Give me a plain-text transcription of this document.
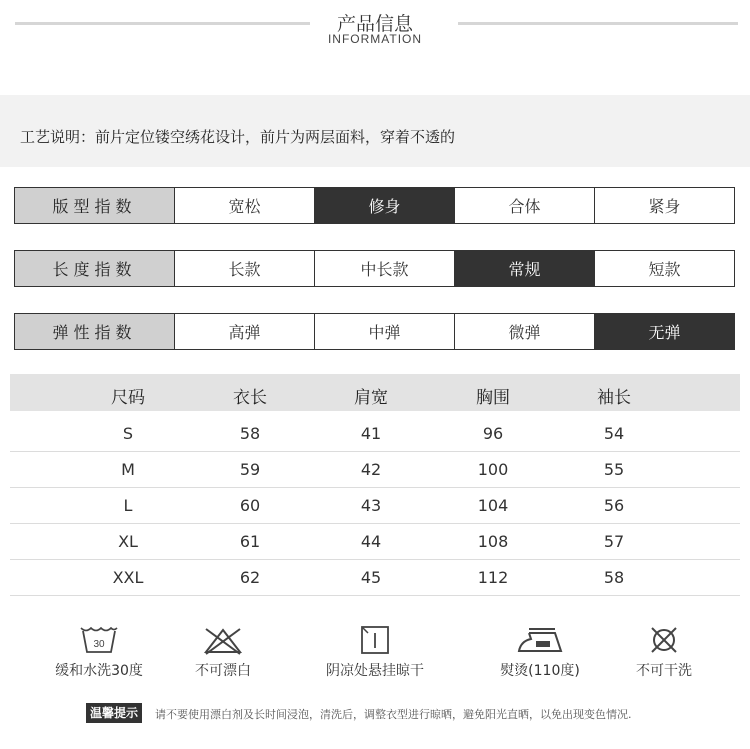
产品信息
INFORMATION
工艺说明：前片定位镂空绣花设计，前片为两层面料，穿着不透的
版型指数	宽松	修身	合体	紧身
长度指数	长款	中长款	常规	短款
弹性指数	高弹	中弹	微弹	无弹
尺码	衣长	肩宽	胸围	袖长
S	58	41	96	54
M	59	42	100	55
L	60	43	104	56
XL	61	44	108	57
XXL	62	45	112	58
30
缓和水洗30度	不可漂白	阴凉处悬挂晾干	熨烫(110度)	不可干洗
温馨提示	请不要使用漂白剂及长时间浸泡，清洗后，调整衣型进行晾晒，避免阳光直晒，以免出现变色情况.
